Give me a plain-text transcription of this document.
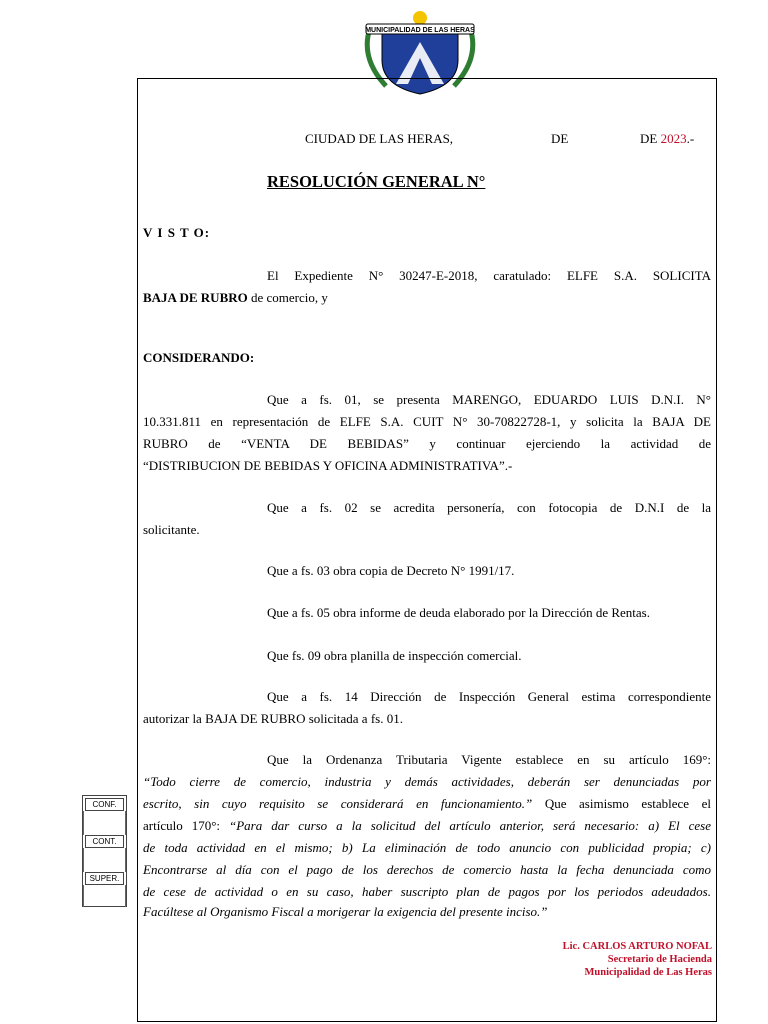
MUNICIPALIDAD DE LAS HERAS
CIUDAD DE LAS HERAS,	DE	DE 2023.-
RESOLUCIÓN GENERAL N°
V I S T O:
El Expediente N° 30247-E-2018, caratulado: ELFE S.A. SOLICITA
BAJA DE RUBRO de comercio, y
CONSIDERANDO:
Que a fs. 01, se presenta MARENGO, EDUARDO LUIS D.N.I. N°
10.331.811 en representación de ELFE S.A. CUIT N° 30-70822728-1, y solicita la BAJA DE
RUBRO de “VENTA DE BEBIDAS” y continuar ejerciendo la actividad de
“DISTRIBUCION DE BEBIDAS Y OFICINA ADMINISTRATIVA”.-
Que a fs. 02 se acredita personería, con fotocopia de D.N.I de la
solicitante.
Que a fs. 03 obra copia de Decreto N° 1991/17.
Que a fs. 05 obra informe de deuda elaborado por la Dirección de Rentas.
Que fs. 09 obra planilla de inspección comercial.
Que a fs. 14 Dirección de Inspección General estima correspondiente
autorizar la BAJA DE RUBRO solicitada a fs. 01.
Que la Ordenanza Tributaria Vigente establece en su artículo 169°:
“Todo cierre de comercio, industria y demás actividades, deberán ser denunciadas por
escrito, sin cuyo requisito se considerará en funcionamiento.” Que asimismo establece el
artículo 170°: “Para dar curso a la solicitud del artículo anterior, será necesario: a) El cese
de toda actividad en el mismo; b) La eliminación de todo anuncio con publicidad propia; c)
Encontrarse al día con el pago de los derechos de comercio hasta la fecha denunciada como
de cese de actividad o en su caso, haber suscripto plan de pagos por los periodos adeudados.
Facúltese al Organismo Fiscal a morigerar la exigencia del presente inciso.”
Lic. CARLOS ARTURO NOFAL
Secretario de Hacienda
Municipalidad de Las Heras
CONF.
CONT.
SUPER.
